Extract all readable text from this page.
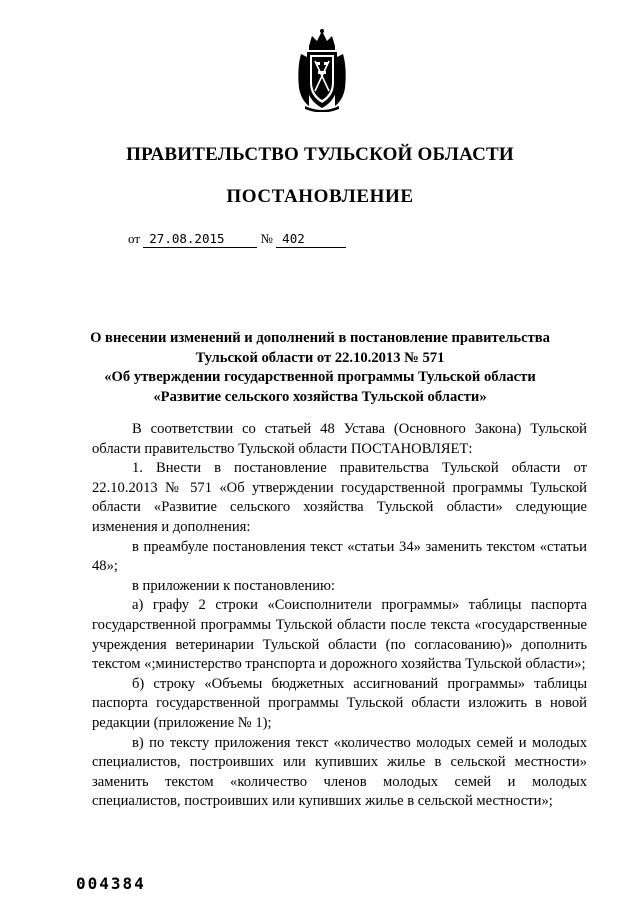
ПРАВИТЕЛЬСТВО ТУЛЬСКОЙ ОБЛАСТИ
ПОСТАНОВЛЕНИЕ
от 27.08.2015	№ 402
О внесении изменений и дополнений в постановление правительства
Тульской области от 22.10.2013 № 571
«Об утверждении государственной программы Тульской области
«Развитие сельского хозяйства Тульской области»

В соответствии со статьей 48 Устава (Основного Закона) Тульской области правительство Тульской области ПОСТАНОВЛЯЕТ:

1. Внести в постановление правительства Тульской области от 22.10.2013 № 571 «Об утверждении государственной программы Тульской области «Развитие сельского хозяйства Тульской области» следующие изменения и дополнения:

в преамбуле постановления текст «статьи 34» заменить текстом «статьи 48»;

в приложении к постановлению:

а) графу 2 строки «Соисполнители программы» таблицы паспорта государственной программы Тульской области после текста «государственные учреждения ветеринарии Тульской области (по согласованию)» дополнить текстом «;министерство транспорта и дорожного хозяйства Тульской области»;

б) строку «Объемы бюджетных ассигнований программы» таблицы паспорта государственной программы Тульской области изложить в новой редакции (приложение № 1);

в) по тексту приложения текст «количество молодых семей и молодых специалистов, построивших или купивших жилье в сельской местности» заменить текстом «количество членов молодых семей и молодых специалистов, построивших или купивших жилье в сельской местности»;

004384
